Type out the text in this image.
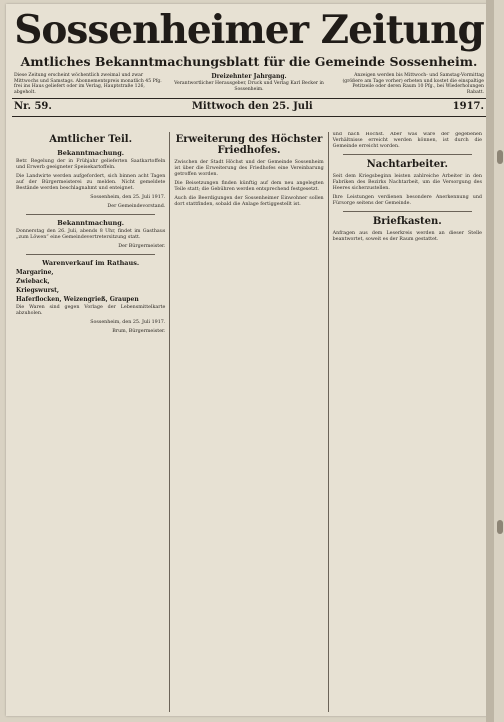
Sossenheimer Zeitung
Amtliches Bekanntmachungsblatt für die Gemeinde Sossenheim.
Diese Zeitung erscheint wöchentlich zweimal und zwar Mittwochs und Samstags. Abonnementspreis monatlich 45 Pfg. frei ins Haus geliefert oder im Verlag, Hauptstraße 126, abgeholt.
Dreizehnter Jahrgang.
Verantwortlicher Herausgeber, Druck und Verlag Karl Becker in Sossenheim.
Anzeigen werden bis Mittwoch- und Samstag-Vormittag (größere am Tage vorher) erbeten und kostet die einspaltige Petitzeile oder deren Raum 10 Pfg., bei Wiederholungen Rabatt.
Nr. 59.	Mittwoch den 25. Juli	1917.
Amtlicher Teil.
Bekanntmachung.

Betr. Regelung der in Frühjahr gelieferten Saatkartoffeln und Erwerb geeigneter Speisekartoffeln.

Die Landwirte werden aufgefordert, sich binnen acht Tagen auf der Bürgermeisterei zu melden. Nicht gemeldete Bestände werden beschlagnahmt und enteignet.

Sossenheim, den 25. Juli 1917.

Der Gemeindevorstand.

Bekanntmachung.

Donnerstag den 26. Juli, abends 8 Uhr, findet im Gasthaus „zum Löwen“ eine Gemeindevertretersitzung statt.

Der Bürgermeister.

Warenverkauf im Rathaus.
Margarine,
Zwieback,
Kriegswurst,
Haferflocken, Weizengrieß, Graupen

Die Waren sind gegen Vorlage der Lebensmittelkarte abzuholen.

Sossenheim, den 25. Juli 1917.

Brum, Bürgermeister.

Erweiterung des Höchster Friedhofes.

Zwischen der Stadt Höchst und der Gemeinde Sossenheim ist über die Erweiterung des Friedhofes eine Vereinbarung getroffen worden.

Die Beisetzungen finden künftig auf dem neu angelegten Teile statt; die Gebühren werden entsprechend festgesetzt.

Auch die Beerdigungen der Sossenheimer Einwohner sollen dort stattfinden, sobald die Anlage fertiggestellt ist.

und nach Höchst. Aber was wäre der gegebenen Verhältnisse erreicht werden können, ist durch die Gemeinde erreicht worden.

Nachtarbeiter.

Seit dem Kriegsbeginn leisten zahlreiche Arbeiter in den Fabriken des Bezirks Nachtarbeit, um die Versorgung des Heeres sicherzustellen.

Ihre Leistungen verdienen besondere Anerkennung und Fürsorge seitens der Gemeinde.

Briefkasten.

Anfragen aus dem Leserkreis werden an dieser Stelle beantwortet, soweit es der Raum gestattet.
